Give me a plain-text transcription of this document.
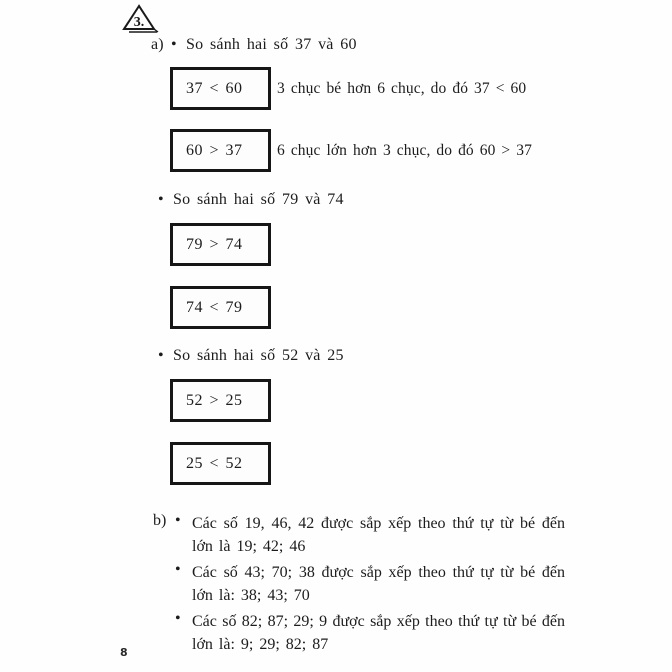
3.
a) • So sánh hai số 37 và 60
37 < 60 3 chục bé hơn 6 chục, do đó 37 < 60
60 > 37 6 chục lớn hơn 3 chục, do đó 60 > 37
• So sánh hai số 79 và 74
79 > 74
74 < 79
• So sánh hai số 52 và 25
52 > 25
25 < 52
b) • Các số 19, 46, 42 được sắp xếp theo thứ tự từ bé đến
lớn là 19; 42; 46
• Các số 43; 70; 38 được sắp xếp theo thứ tự từ bé đến
lớn là: 38; 43; 70
• Các số 82; 87; 29; 9 được sắp xếp theo thứ tự từ bé đến
lớn là: 9; 29; 82; 87
8
